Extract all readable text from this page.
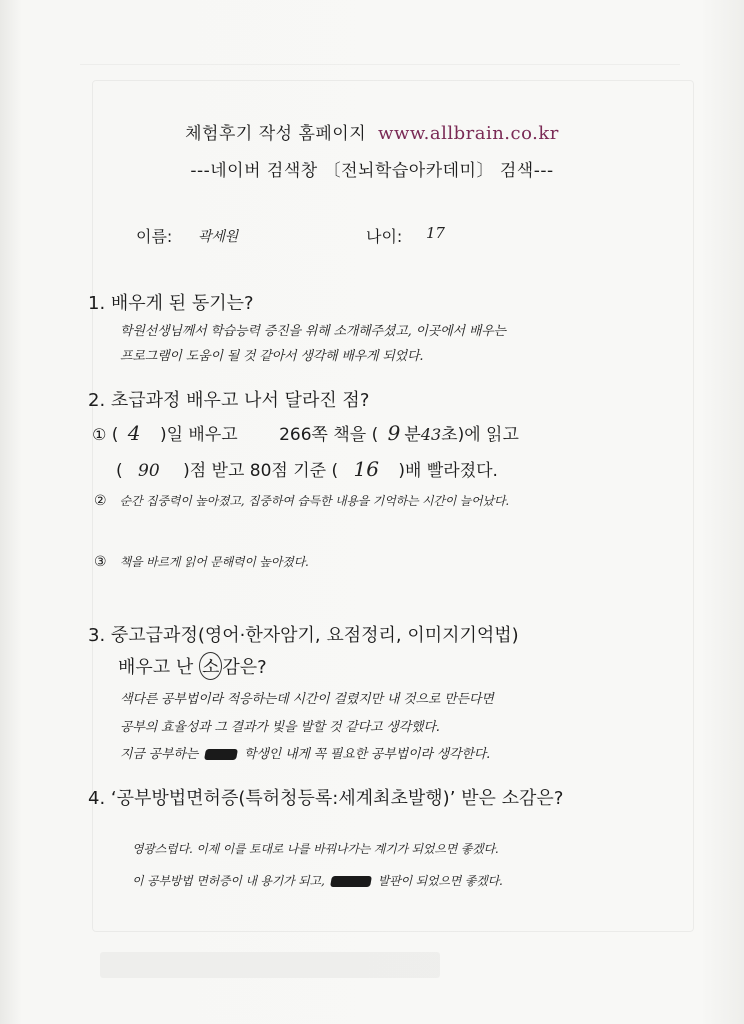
체험후기 작성 홈페이지 www.allbrain.co.kr
---네이버 검색창 〔전뇌학습아카데미〕 검색---
이름: 곽세원	나이: 17
1. 배우게 된 동기는?
학원선생님께서 학습능력 증진을 위해 소개해주셨고, 이곳에서 배우는
프로그램이 도움이 될 것 같아서 생각해 배우게 되었다.
2. 초급과정 배우고 나서 달라진 점?
① ( 4 )일 배우고 266쪽 책을 ( 9 분43초)에 읽고
( 90 )점 받고 80점 기준 ( 16 )배 빨라졌다.
② 순간 집중력이 높아졌고, 집중하여 습득한 내용을 기억하는 시간이 늘어났다.
③ 책을 바르게 읽어 문해력이 높아졌다.
3. 중고급과정(영어·한자암기, 요점정리, 이미지기억법)
배우고 난 소 감은?
색다른 공부법이라 적응하는데 시간이 걸렸지만 내 것으로 만든다면
공부의 효율성과 그 결과가 빛을 발할 것 같다고 생각했다.
지금 공부하는	학생인 내게 꼭 필요한 공부법이라 생각한다.
4. ‘공부방법면허증(특허청등록:세계최초발행)’ 받은 소감은?
영광스럽다. 이제 이를 토대로 나를 바꿔나가는 계기가 되었으면 좋겠다.
이 공부방법 면허증이 내 용기가 되고,	발판이 되었으면 좋겠다.
